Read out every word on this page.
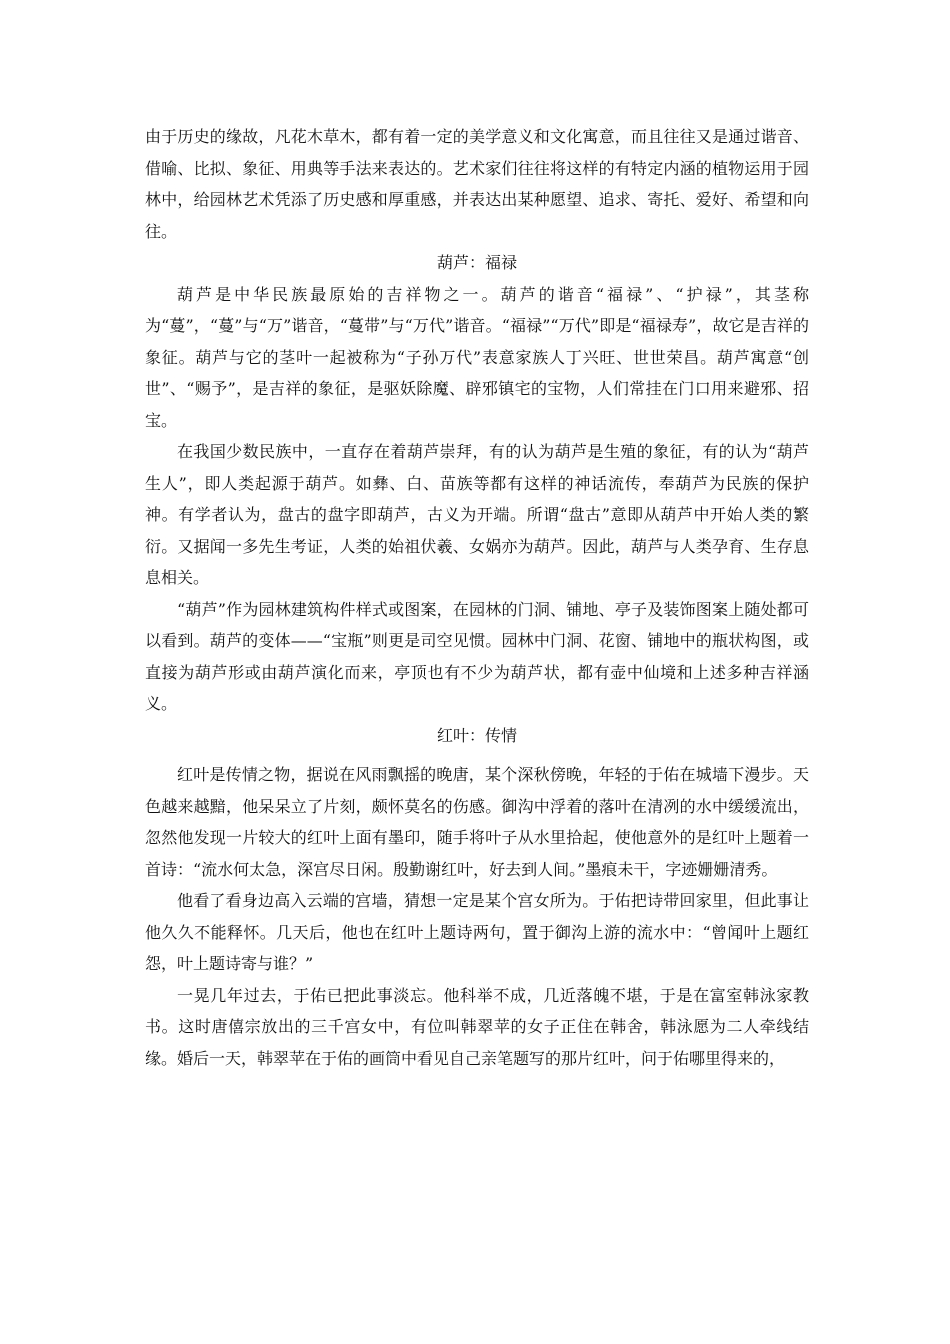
由于历史的缘故，凡花木草木，都有着一定的美学意义和文化寓意，而且往往又是通过谐音、借喻、比拟、象征、用典等手法来表达的。艺术家们往往将这样的有特定内涵的植物运用于园林中，给园林艺术凭添了历史感和厚重感，并表达出某种愿望、追求、寄托、爱好、希望和向往。

葫芦：福禄

葫芦是中华民族最原始的吉祥物之一。葫芦的谐音“福禄”、“护禄”，其茎称为“蔓”，“蔓”与“万”谐音，“蔓带”与“万代”谐音。“福禄”“万代”即是“福禄寿”，故它是吉祥的象征。葫芦与它的茎叶一起被称为“子孙万代”表意家族人丁兴旺、世世荣昌。葫芦寓意“创世”、“赐予”，是吉祥的象征，是驱妖除魔、辟邪镇宅的宝物，人们常挂在门口用来避邪、招宝。

在我国少数民族中，一直存在着葫芦崇拜，有的认为葫芦是生殖的象征，有的认为“葫芦生人”，即人类起源于葫芦。如彝、白、苗族等都有这样的神话流传，奉葫芦为民族的保护神。有学者认为，盘古的盘字即葫芦，古义为开端。所谓“盘古”意即从葫芦中开始人类的繁衍。又据闻一多先生考证，人类的始祖伏羲、女娲亦为葫芦。因此，葫芦与人类孕育、生存息息相关。

“葫芦”作为园林建筑构件样式或图案，在园林的门洞、铺地、亭子及装饰图案上随处都可以看到。葫芦的变体——“宝瓶”则更是司空见惯。园林中门洞、花窗、铺地中的瓶状构图，或直接为葫芦形或由葫芦演化而来，亭顶也有不少为葫芦状，都有壶中仙境和上述多种吉祥涵义。

红叶：传情

红叶是传情之物，据说在风雨飘摇的晚唐，某个深秋傍晚，年轻的于佑在城墙下漫步。天色越来越黯，他呆呆立了片刻，颇怀莫名的伤感。御沟中浮着的落叶在清冽的水中缓缓流出，忽然他发现一片较大的红叶上面有墨印，随手将叶子从水里拾起，使他意外的是红叶上题着一首诗：“流水何太急，深宫尽日闲。殷勤谢红叶，好去到人间。”墨痕未干，字迹姗姗清秀。

他看了看身边高入云端的宫墙，猜想一定是某个宫女所为。于佑把诗带回家里，但此事让他久久不能释怀。几天后，他也在红叶上题诗两句，置于御沟上游的流水中：“曾闻叶上题红怨，叶上题诗寄与谁？”

一晃几年过去，于佑已把此事淡忘。他科举不成，几近落魄不堪，于是在富室韩泳家教书。这时唐僖宗放出的三千宫女中，有位叫韩翠苹的女子正住在韩舍，韩泳愿为二人牵线结缘。婚后一天，韩翠苹在于佑的画筒中看见自己亲笔题写的那片红叶，问于佑哪里得来的，
